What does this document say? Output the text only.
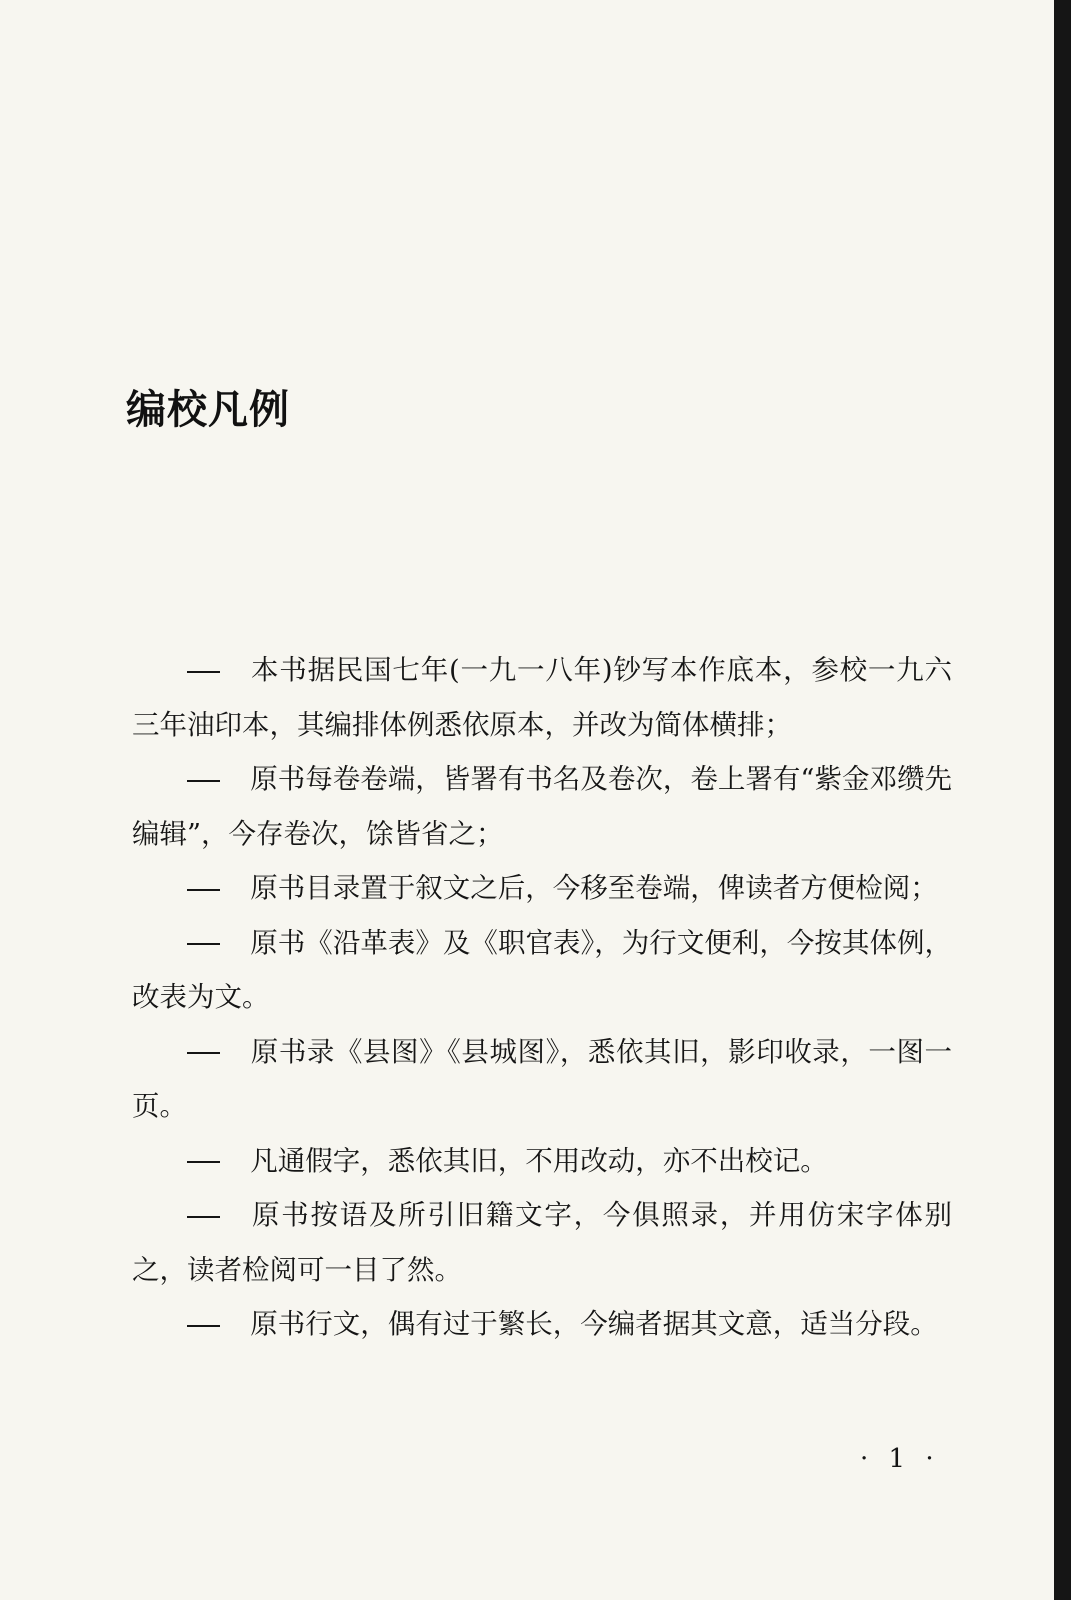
编校凡例

本书据民国七年(一九一八年)钞写本作底本，参校一九六三年油印本，其编排体例悉依原本，并改为简体横排；

原书每卷卷端，皆署有书名及卷次，卷上署有“紫金邓缵先编辑”，今存卷次，馀皆省之；

原书目录置于叙文之后，今移至卷端，俾读者方便检阅；

原书《沿革表》及《职官表》，为行文便利，今按其体例，改表为文。

原书录《县图》《县城图》，悉依其旧，影印收录，一图一页。

凡通假字，悉依其旧，不用改动，亦不出校记。

原书按语及所引旧籍文字，今俱照录，并用仿宋字体别之，读者检阅可一目了然。

原书行文，偶有过于繁长，今编者据其文意，适当分段。

· 1 ·
